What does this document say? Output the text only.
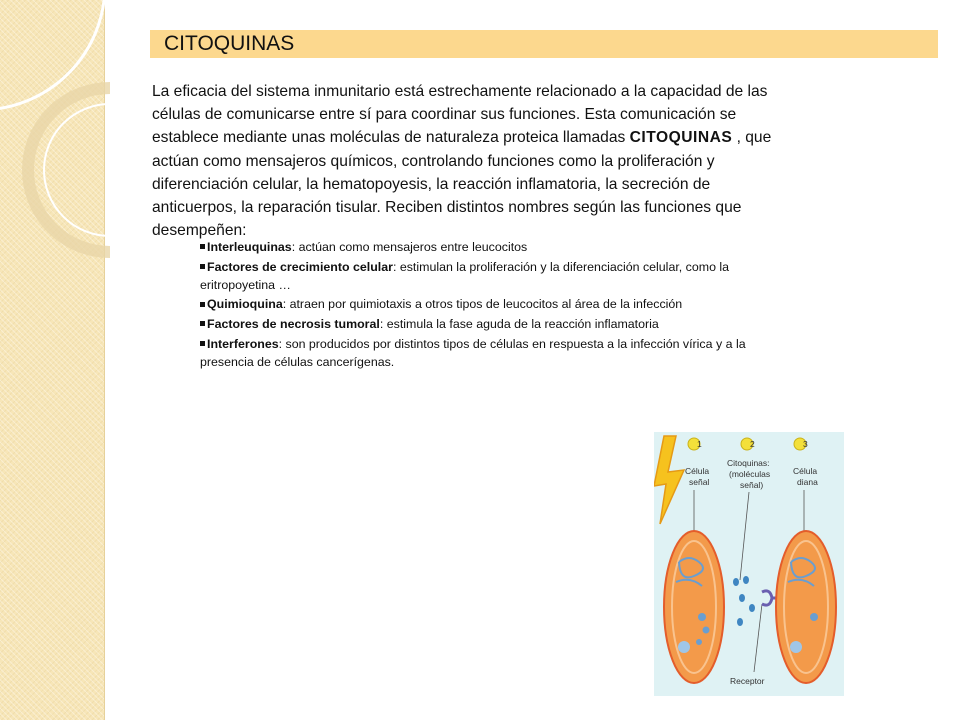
CITOQUINAS

La eficacia del sistema inmunitario está estrechamente relacionado a la capacidad de las células de comunicarse entre sí para coordinar sus funciones. Esta comunicación se establece mediante unas moléculas de naturaleza proteica llamadas CITOQUINAS , que actúan como mensajeros químicos, controlando funciones como la proliferación y diferenciación celular, la hematopoyesis, la reacción inflamatoria, la secreción de anticuerpos, la reparación tisular. Reciben distintos nombres según las funciones que desempeñen:

Interleuquinas: actúan como mensajeros entre leucocitos
Factores de crecimiento celular: estimulan la proliferación y la diferenciación celular, como la eritropoyetina …
Quimioquina: atraen por quimiotaxis a otros tipos de leucocitos al área de la infección
Factores de necrosis tumoral: estimula la fase aguda de la reacción inflamatoria
Interferones: son producidos por distintos tipos de células en respuesta a la infección vírica y a la presencia de células cancerígenas.
1	2	3
Célula
señal
Citoquinas:
(moléculas
señal)
Célula
diana
Receptor
